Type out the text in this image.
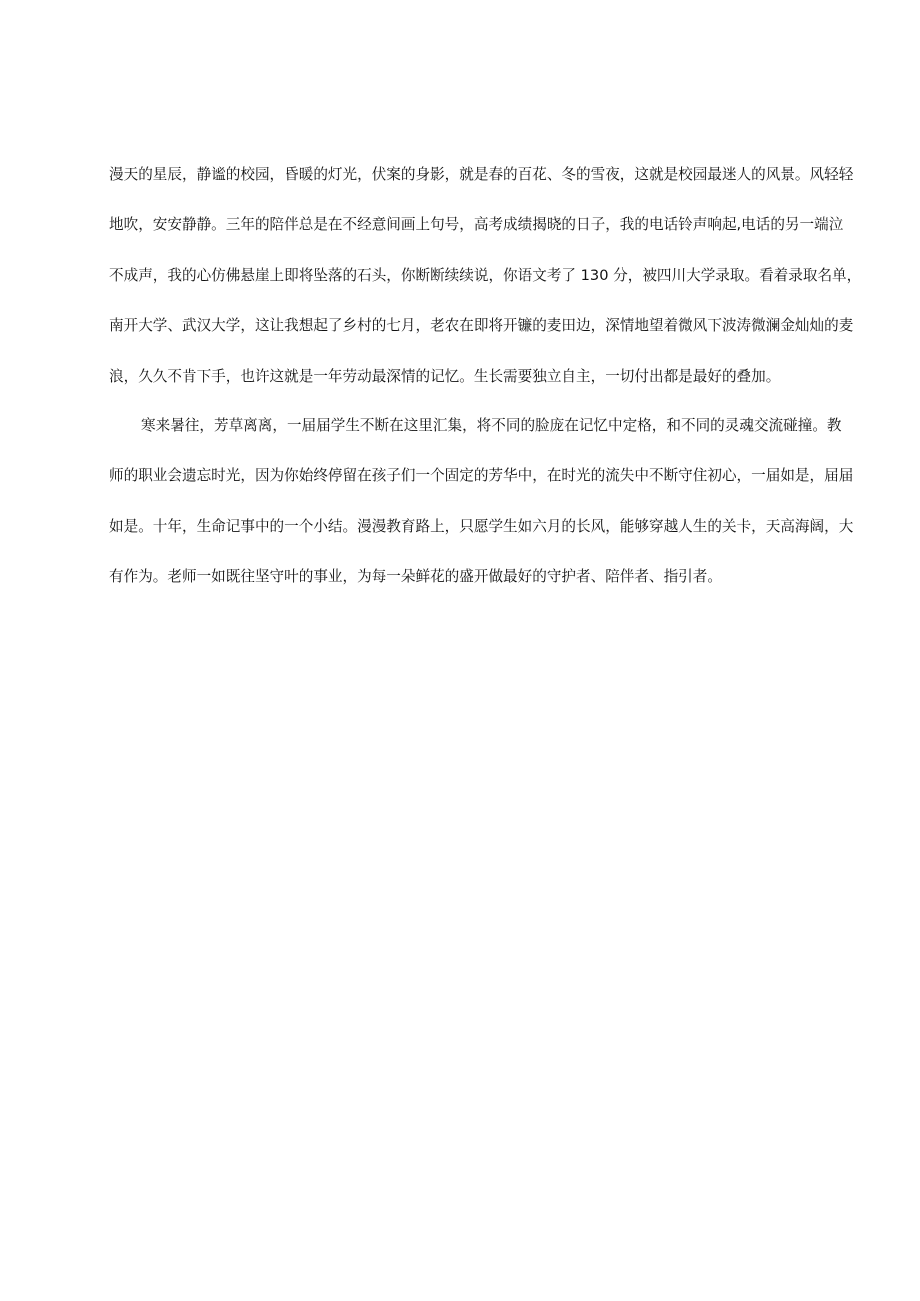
漫天的星辰，静谧的校园，昏暖的灯光，伏案的身影，就是春的百花、冬的雪夜，这就是校园最迷人的风景。风轻轻
地吹，安安静静。三年的陪伴总是在不经意间画上句号，高考成绩揭晓的日子，我的电话铃声响起,电话的另一端泣
不成声，我的心仿佛悬崖上即将坠落的石头，你断断续续说，你语文考了 130 分，被四川大学录取。看着录取名单，
南开大学、武汉大学，这让我想起了乡村的七月，老农在即将开镰的麦田边，深情地望着微风下波涛微澜金灿灿的麦
浪，久久不肯下手，也许这就是一年劳动最深情的记忆。生长需要独立自主，一切付出都是最好的叠加。
寒来暑往，芳草离离，一届届学生不断在这里汇集，将不同的脸庞在记忆中定格，和不同的灵魂交流碰撞。教
师的职业会遗忘时光，因为你始终停留在孩子们一个固定的芳华中，在时光的流失中不断守住初心，一届如是，届届
如是。十年，生命记事中的一个小结。漫漫教育路上，只愿学生如六月的长风，能够穿越人生的关卡，天高海阔，大
有作为。老师一如既往坚守叶的事业，为每一朵鲜花的盛开做最好的守护者、陪伴者、指引者。
